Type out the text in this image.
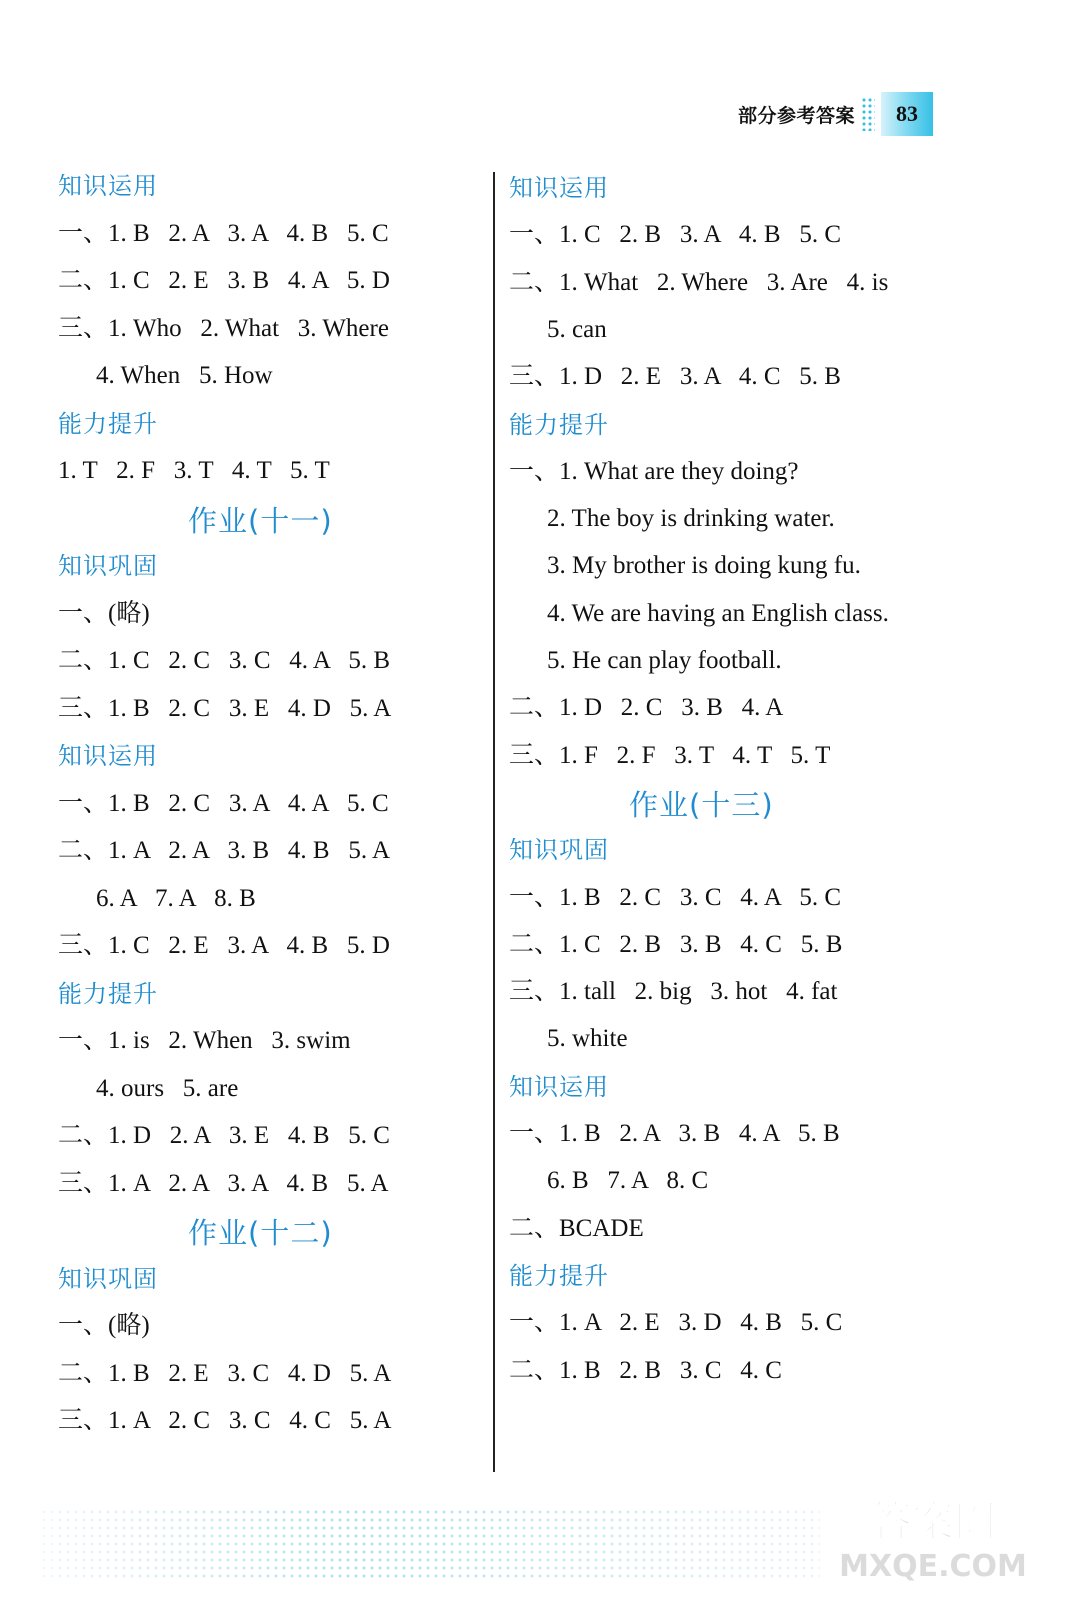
部分参考答案	83
知识运用
一、1. B   2. A   3. A   4. B   5. C
二、1. C   2. E   3. B   4. A   5. D
三、1. Who   2. What   3. Where
4. When   5. How
能力提升
1. T   2. F   3. T   4. T   5. T
作业(十一)
知识巩固
一、(略)
二、1. C   2. C   3. C   4. A   5. B
三、1. B   2. C   3. E   4. D   5. A
知识运用
一、1. B   2. C   3. A   4. A   5. C
二、1. A   2. A   3. B   4. B   5. A
6. A   7. A   8. B
三、1. C   2. E   3. A   4. B   5. D
能力提升
一、1. is   2. When   3. swim
4. ours   5. are
二、1. D   2. A   3. E   4. B   5. C
三、1. A   2. A   3. A   4. B   5. A
作业(十二)
知识巩固
一、(略)
二、1. B   2. E   3. C   4. D   5. A
三、1. A   2. C   3. C   4. C   5. A
知识运用
一、1. C   2. B   3. A   4. B   5. C
二、1. What   2. Where   3. Are   4. is
5. can
三、1. D   2. E   3. A   4. C   5. B
能力提升
一、1. What are they doing?
2. The boy is drinking water.
3. My brother is doing kung fu.
4. We are having an English class.
5. He can play football.
二、1. D   2. C   3. B   4. A
三、1. F   2. F   3. T   4. T   5. T
作业(十三)
知识巩固
一、1. B   2. C   3. C   4. A   5. C
二、1. C   2. B   3. B   4. C   5. B
三、1. tall   2. big   3. hot   4. fat
5. white
知识运用
一、1. B   2. A   3. B   4. A   5. B
6. B   7. A   8. C
二、BCADE
能力提升
一、1. A   2. E   3. D   4. B   5. C
二、1. B   2. B   3. C   4. C
答案圈
MXQE.COM
